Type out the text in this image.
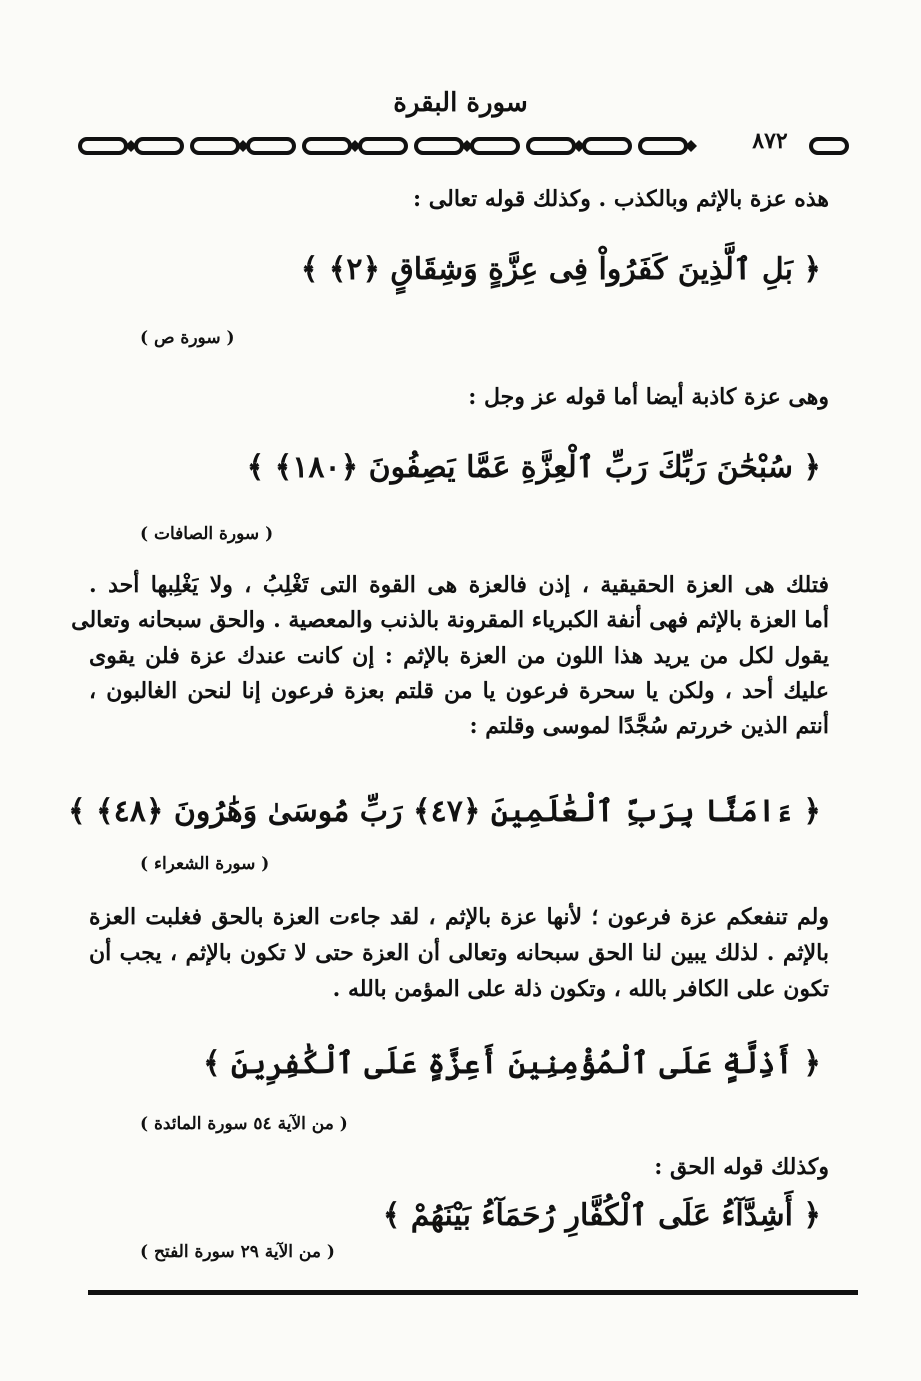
سورة البقرة
٨٧٢
هذه عزة بالإثم وبالكذب . وكذلك قوله تعالى :
﴿ بَلِ ٱلَّذِينَ كَفَرُواْ فِى عِزَّةٍ وَشِقَاقٍ ﴿٢﴾ ﴾
( سورة ص )
وهى عزة كاذبة أيضا أما قوله عز وجل :
﴿ سُبْحَٰنَ رَبِّكَ رَبِّ ٱلْعِزَّةِ عَمَّا يَصِفُونَ ﴿١٨٠﴾ ﴾
( سورة الصافات )
فتلك هى العزة الحقيقية ، إذن فالعزة هى القوة التى تَغْلِبُ ، ولا يَغْلِبها أحد .
أما العزة بالإثم فهى أنفة الكبرياء المقرونة بالذنب والمعصية . والحق سبحانه وتعالى
يقول لكل من يريد هذا اللون من العزة بالإثم : إن كانت عندك عزة فلن يقوى
عليك أحد ، ولكن يا سحرة فرعون يا من قلتم بعزة فرعون إنا لنحن الغالبون ،
أنتم الذين خررتم سُجَّدًا لموسى وقلتم :
﴿ ءَامَنَّا بِرَبِّ ٱلْعَٰلَمِينَ ﴿٤٧﴾ رَبِّ مُوسَىٰ وَهَٰرُونَ ﴿٤٨﴾ ﴾
( سورة الشعراء )
ولم تنفعكم عزة فرعون ؛ لأنها عزة بالإثم ، لقد جاءت العزة بالحق فغلبت العزة
بالإثم . لذلك يبين لنا الحق سبحانه وتعالى أن العزة حتى لا تكون بالإثم ، يجب أن
تكون على الكافر بالله ، وتكون ذلة على المؤمن بالله .
﴿ أَذِلَّةٍ عَلَى ٱلْمُؤْمِنِينَ أَعِزَّةٍ عَلَى ٱلْكَٰفِرِينَ ﴾
( من الآية ٥٤ سورة المائدة )
وكذلك قوله الحق :
﴿ أَشِدَّآءُ عَلَى ٱلْكُفَّارِ رُحَمَآءُ بَيْنَهُمْ ﴾
( من الآية ٢٩ سورة الفتح )
